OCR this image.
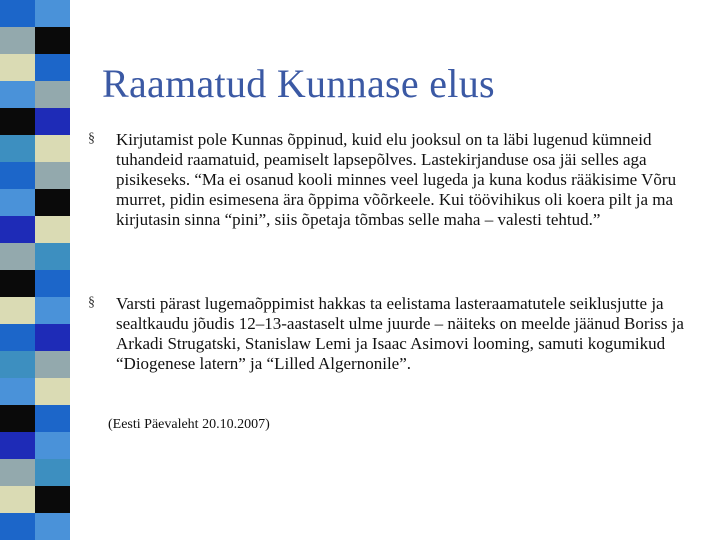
Raamatud Kunnase elus
§ Kirjutamist pole Kunnas õppinud, kuid elu jooksul on ta läbi lugenud kümneid tuhandeid raamatuid, peamiselt lapsepõlves. Lastekirjanduse osa jäi selles aga pisikeseks. “Ma ei osanud kooli minnes veel lugeda ja kuna kodus rääkisime Võru murret, pidin esimesena ära õppima võõrkeele. Kui töövihikus oli koera pilt ja ma kirjutasin sinna “pini”, siis õpetaja tõmbas selle maha – valesti tehtud.”

§ Varsti pärast lugemaõppimist hakkas ta eelistama lasteraamatutele seiklusjutte ja sealtkaudu jõudis 12–13-aastaselt ulme juurde – näiteks on meelde jäänud Boriss ja Arkadi Strugatski, Stanislaw Lemi ja Isaac Asimovi looming, samuti kogumikud “Diogenese latern” ja “Lilled Algernonile”.

(Eesti Päevaleht 20.10.2007)
